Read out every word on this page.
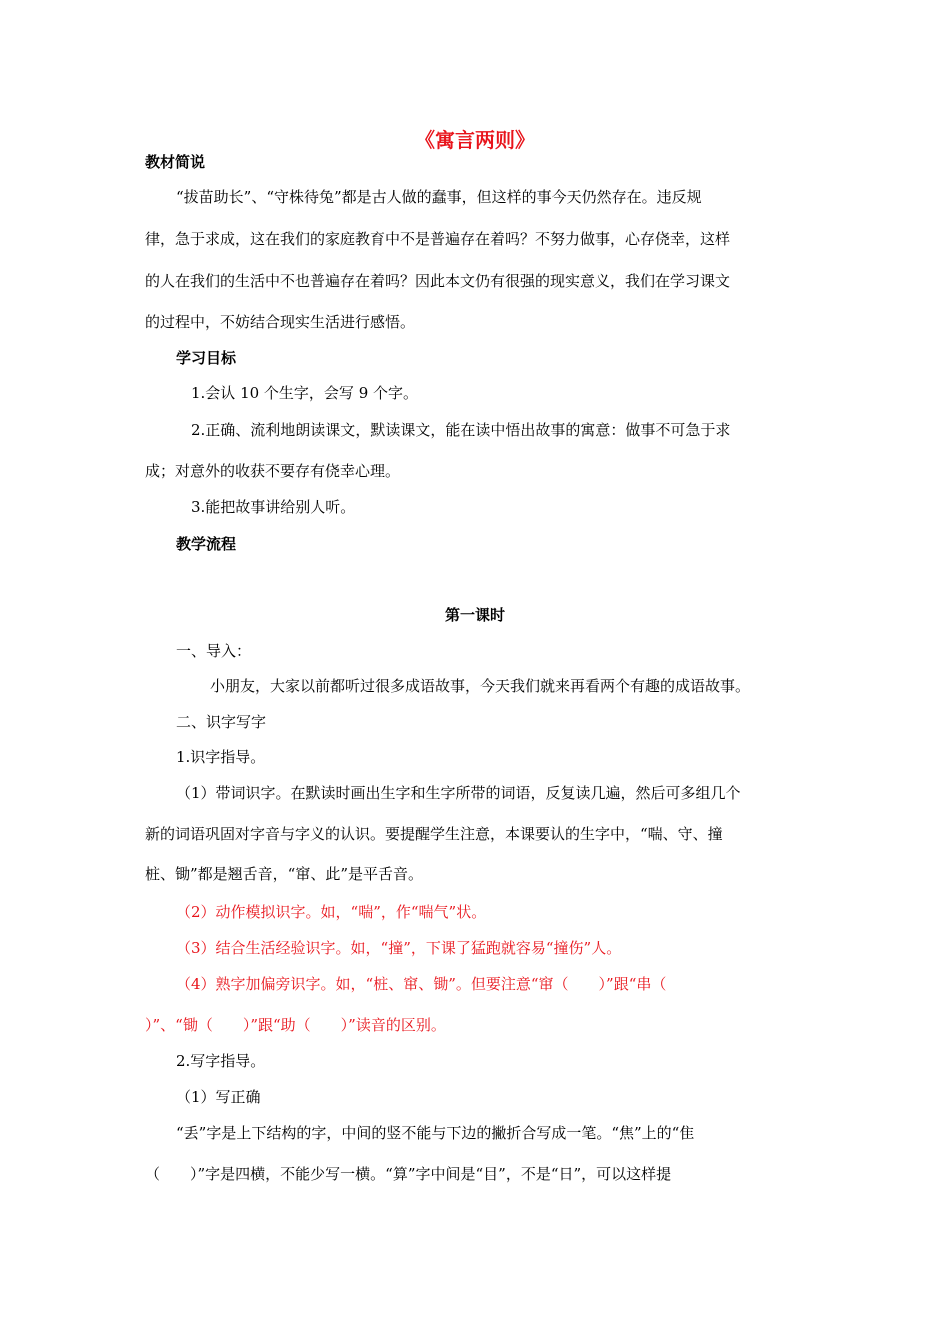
《寓言两则》
教材简说
“拔苗助长”、“守株待兔”都是古人做的蠢事，但这样的事今天仍然存在。违反规
律，急于求成，这在我们的家庭教育中不是普遍存在着吗？不努力做事，心存侥幸，这样
的人在我们的生活中不也普遍存在着吗？因此本文仍有很强的现实意义，我们在学习课文
的过程中，不妨结合现实生活进行感悟。
学习目标
1.会认 10 个生字，会写 9 个字。
2.正确、流利地朗读课文，默读课文，能在读中悟出故事的寓意：做事不可急于求
成；对意外的收获不要存有侥幸心理。
3.能把故事讲给别人听。
教学流程
第一课时
一、导入：
小朋友，大家以前都听过很多成语故事，今天我们就来再看两个有趣的成语故事。
二、识字写字
1.识字指导。
（1）带词识字。在默读时画出生字和生字所带的词语，反复读几遍，然后可多组几个
新的词语巩固对字音与字义的认识。要提醒学生注意，本课要认的生字中，“喘、守、撞
桩、锄”都是翘舌音，“窜、此”是平舌音。
（2）动作模拟识字。如，“喘”，作“喘气”状。
（3）结合生活经验识字。如，“撞”，下课了猛跑就容易“撞伤”人。
（4）熟字加偏旁识字。如，“桩、窜、锄”。但要注意“窜（　　）”跟“串（
）”、“锄（　　）”跟“助（　　）”读音的区别。
2.写字指导。
（1）写正确
“丢”字是上下结构的字，中间的竖不能与下边的撇折合写成一笔。“焦”上的“隹
（　　）”字是四横，不能少写一横。“算”字中间是“目”，不是“日”，可以这样提
